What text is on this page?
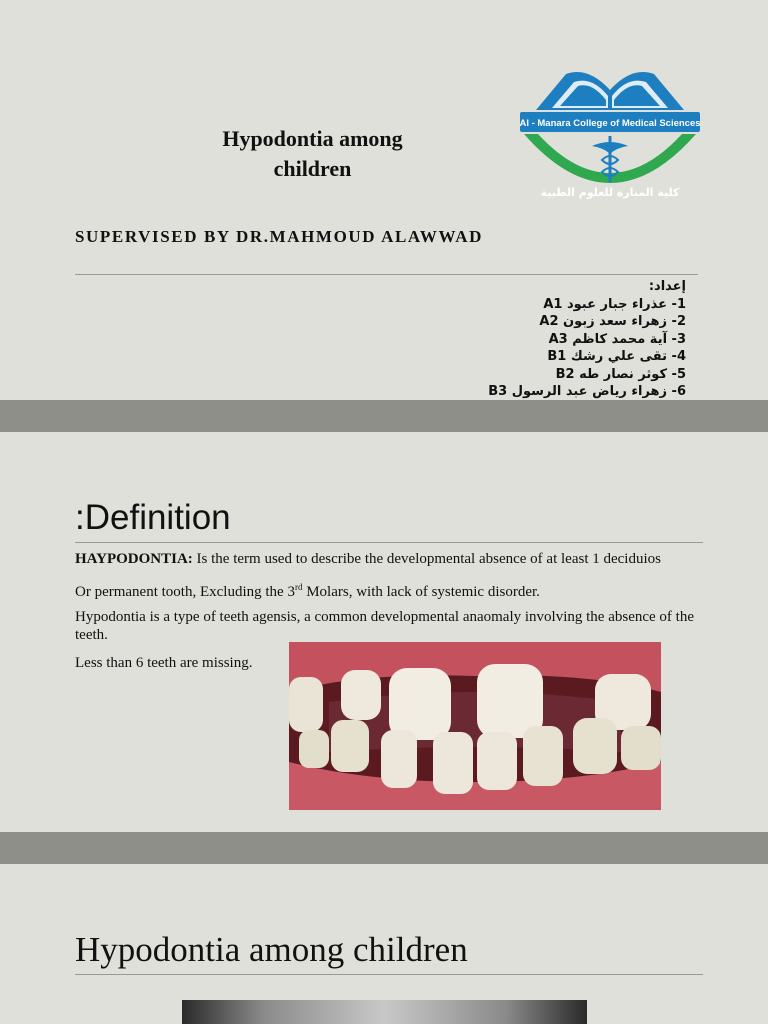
Hypodontia among children
Al - Manara College of Medical Sciences
كلية المنارة للعلوم الطبية
SUPERVISED BY DR.MAHMOUD ALAWWAD
إعداد:
1- عذراء جبار عبود A1
2- زهراء سعد زبون A2
3- آية محمد كاظم A3
4- تقى علي رشك B1
5- كوثر نصار طه B2
6- زهراء رياض عبد الرسول B3
:Definition
HAYPODONTIA: Is the term used to describe the developmental absence of at least 1 deciduios
Or permanent tooth, Excluding the 3rd Molars, with lack of systemic disorder.
Hypodontia is a type of teeth agensis, a common developmental anaomaly involving the absence of the teeth.
Less than 6 teeth are missing.
Hypodontia among children
